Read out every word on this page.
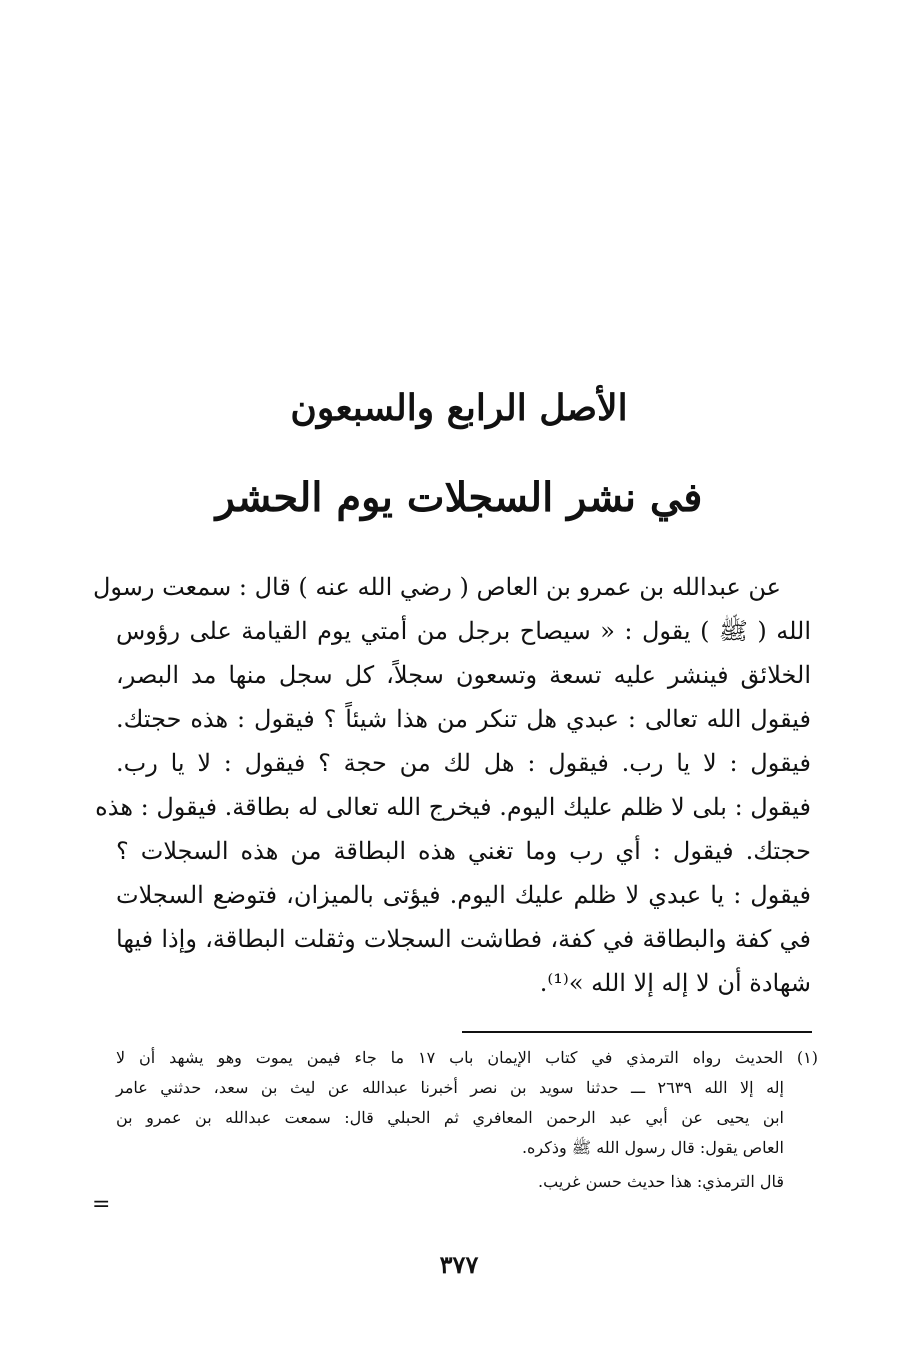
الأصل الرابع والسبعون
في نشر السجلات يوم الحشر
عن عبدالله بن عمرو بن العاص ( رضي الله عنه ) قال : سمعت رسول
الله ( ﷺ ) يقول : « سيصاح برجل من أمتي يوم القيامة على رؤوس
الخلائق فينشر عليه تسعة وتسعون سجلاً، كل سجل منها مد البصر،
فيقول الله تعالى : عبدي هل تنكر من هذا شيئاً ؟ فيقول : هذه حجتك.
فيقول : لا يا رب. فيقول : هل لك من حجة ؟ فيقول : لا يا رب.
فيقول : بلى لا ظلم عليك اليوم. فيخرج الله تعالى له بطاقة. فيقول : هذه
حجتك. فيقول : أي رب وما تغني هذه البطاقة من هذه السجلات ؟
فيقول : يا عبدي لا ظلم عليك اليوم. فيؤتى بالميزان، فتوضع السجلات
في كفة والبطاقة في كفة، فطاشت السجلات وثقلت البطاقة، وإذا فيها
شهادة أن لا إله إلا الله »⁽¹⁾.
(١) الحديث رواه الترمذي في كتاب الإيمان باب ١٧ ما جاء فيمن يموت وهو يشهد أن لا
إله إلا الله ٢٦٣٩ ـــ حدثنا سويد بن نصر أخبرنا عبدالله عن ليث بن سعد، حدثني عامر
ابن يحيى عن أبي عبد الرحمن المعافري ثم الحبلي قال: سمعت عبدالله بن عمرو بن
العاص يقول: قال رسول الله ﷺ وذكره.
قال الترمذي: هذا حديث حسن غريب.
=
٣٧٧
